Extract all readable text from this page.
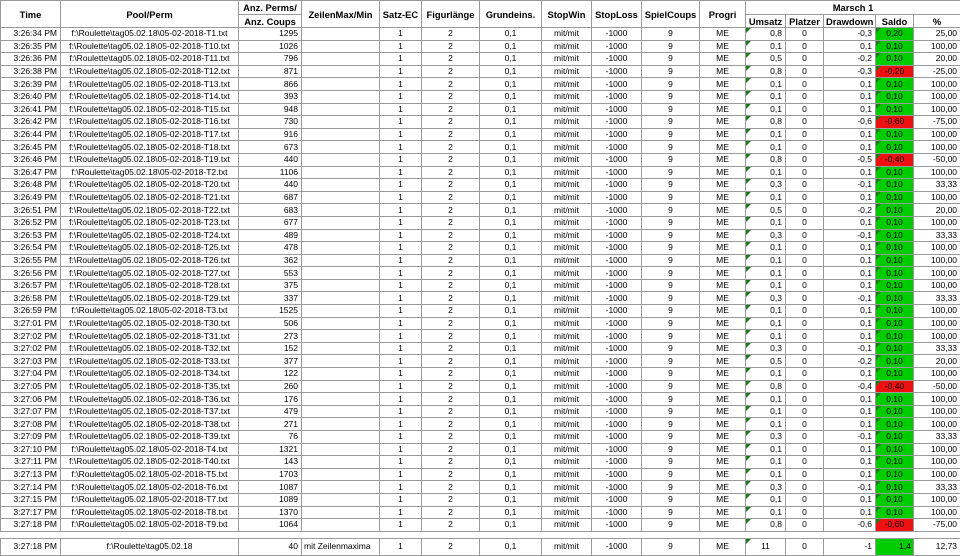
Time	Pool/Perm	Anz. Perms/	ZeilenMax/Min	Satz-EC	Figurlänge	Grundeins.	StopWin	StopLoss	SpielCoups	Progri	Marsch 1				
		Anz. Coups									Umsatz	Platzer	Drawdown	Saldo	%
3:26:34 PM	f:\Roulette\tag05.02.18\05-02-2018-T1.txt	1295		1	2	0,1	mit/mit	-1000	9	ME	0,8	0	-0,3	0,20	25,00
3:26:35 PM	f:\Roulette\tag05.02.18\05-02-2018-T10.txt	1026		1	2	0,1	mit/mit	-1000	9	ME	0,1	0	0,1	0,10	100,00
3:26:36 PM	f:\Roulette\tag05.02.18\05-02-2018-T11.txt	796		1	2	0,1	mit/mit	-1000	9	ME	0,5	0	-0,2	0,10	20,00
3:26:38 PM	f:\Roulette\tag05.02.18\05-02-2018-T12.txt	871		1	2	0,1	mit/mit	-1000	9	ME	0,8	0	-0,3	-0,20	-25,00
3:26:39 PM	f:\Roulette\tag05.02.18\05-02-2018-T13.txt	866		1	2	0,1	mit/mit	-1000	9	ME	0,1	0	0,1	0,10	100,00
3:26:40 PM	f:\Roulette\tag05.02.18\05-02-2018-T14.txt	393		1	2	0,1	mit/mit	-1000	9	ME	0,1	0	0,1	0,10	100,00
3:26:41 PM	f:\Roulette\tag05.02.18\05-02-2018-T15.txt	948		1	2	0,1	mit/mit	-1000	9	ME	0,1	0	0,1	0,10	100,00
3:26:42 PM	f:\Roulette\tag05.02.18\05-02-2018-T16.txt	730		1	2	0,1	mit/mit	-1000	9	ME	0,8	0	-0,6	-0,60	-75,00
3:26:44 PM	f:\Roulette\tag05.02.18\05-02-2018-T17.txt	916		1	2	0,1	mit/mit	-1000	9	ME	0,1	0	0,1	0,10	100,00
3:26:45 PM	f:\Roulette\tag05.02.18\05-02-2018-T18.txt	673		1	2	0,1	mit/mit	-1000	9	ME	0,1	0	0,1	0,10	100,00
3:26:46 PM	f:\Roulette\tag05.02.18\05-02-2018-T19.txt	440		1	2	0,1	mit/mit	-1000	9	ME	0,8	0	-0,5	-0,40	-50,00
3:26:47 PM	f:\Roulette\tag05.02.18\05-02-2018-T2.txt	1106		1	2	0,1	mit/mit	-1000	9	ME	0,1	0	0,1	0,10	100,00
3:26:48 PM	f:\Roulette\tag05.02.18\05-02-2018-T20.txt	440		1	2	0,1	mit/mit	-1000	9	ME	0,3	0	-0,1	0,10	33,33
3:26:49 PM	f:\Roulette\tag05.02.18\05-02-2018-T21.txt	687		1	2	0,1	mit/mit	-1000	9	ME	0,1	0	0,1	0,10	100,00
3:26:51 PM	f:\Roulette\tag05.02.18\05-02-2018-T22.txt	683		1	2	0,1	mit/mit	-1000	9	ME	0,5	0	-0,2	0,10	20,00
3:26:52 PM	f:\Roulette\tag05.02.18\05-02-2018-T23.txt	677		1	2	0,1	mit/mit	-1000	9	ME	0,1	0	0,1	0,10	100,00
3:26:53 PM	f:\Roulette\tag05.02.18\05-02-2018-T24.txt	489		1	2	0,1	mit/mit	-1000	9	ME	0,3	0	-0,1	0,10	33,33
3:26:54 PM	f:\Roulette\tag05.02.18\05-02-2018-T25.txt	478		1	2	0,1	mit/mit	-1000	9	ME	0,1	0	0,1	0,10	100,00
3:26:55 PM	f:\Roulette\tag05.02.18\05-02-2018-T26.txt	362		1	2	0,1	mit/mit	-1000	9	ME	0,1	0	0,1	0,10	100,00
3:26:56 PM	f:\Roulette\tag05.02.18\05-02-2018-T27.txt	553		1	2	0,1	mit/mit	-1000	9	ME	0,1	0	0,1	0,10	100,00
3:26:57 PM	f:\Roulette\tag05.02.18\05-02-2018-T28.txt	375		1	2	0,1	mit/mit	-1000	9	ME	0,1	0	0,1	0,10	100,00
3:26:58 PM	f:\Roulette\tag05.02.18\05-02-2018-T29.txt	337		1	2	0,1	mit/mit	-1000	9	ME	0,3	0	-0,1	0,10	33,33
3:26:59 PM	f:\Roulette\tag05.02.18\05-02-2018-T3.txt	1525		1	2	0,1	mit/mit	-1000	9	ME	0,1	0	0,1	0,10	100,00
3:27:01 PM	f:\Roulette\tag05.02.18\05-02-2018-T30.txt	506		1	2	0,1	mit/mit	-1000	9	ME	0,1	0	0,1	0,10	100,00
3:27:02 PM	f:\Roulette\tag05.02.18\05-02-2018-T31.txt	273		1	2	0,1	mit/mit	-1000	9	ME	0,1	0	0,1	0,10	100,00
3:27:02 PM	f:\Roulette\tag05.02.18\05-02-2018-T32.txt	152		1	2	0,1	mit/mit	-1000	9	ME	0,3	0	-0,1	0,10	33,33
3:27:03 PM	f:\Roulette\tag05.02.18\05-02-2018-T33.txt	377		1	2	0,1	mit/mit	-1000	9	ME	0,5	0	-0,2	0,10	20,00
3:27:04 PM	f:\Roulette\tag05.02.18\05-02-2018-T34.txt	122		1	2	0,1	mit/mit	-1000	9	ME	0,1	0	0,1	0,10	100,00
3:27:05 PM	f:\Roulette\tag05.02.18\05-02-2018-T35.txt	260		1	2	0,1	mit/mit	-1000	9	ME	0,8	0	-0,4	-0,40	-50,00
3:27:06 PM	f:\Roulette\tag05.02.18\05-02-2018-T36.txt	176		1	2	0,1	mit/mit	-1000	9	ME	0,1	0	0,1	0,10	100,00
3:27:07 PM	f:\Roulette\tag05.02.18\05-02-2018-T37.txt	479		1	2	0,1	mit/mit	-1000	9	ME	0,1	0	0,1	0,10	100,00
3:27:08 PM	f:\Roulette\tag05.02.18\05-02-2018-T38.txt	271		1	2	0,1	mit/mit	-1000	9	ME	0,1	0	0,1	0,10	100,00
3:27:09 PM	f:\Roulette\tag05.02.18\05-02-2018-T39.txt	76		1	2	0,1	mit/mit	-1000	9	ME	0,3	0	-0,1	0,10	33,33
3:27:10 PM	f:\Roulette\tag05.02.18\05-02-2018-T4.txt	1321		1	2	0,1	mit/mit	-1000	9	ME	0,1	0	0,1	0,10	100,00
3:27:11 PM	f:\Roulette\tag05.02.18\05-02-2018-T40.txt	143		1	2	0,1	mit/mit	-1000	9	ME	0,1	0	0,1	0,10	100,00
3:27:13 PM	f:\Roulette\tag05.02.18\05-02-2018-T5.txt	1703		1	2	0,1	mit/mit	-1000	9	ME	0,1	0	0,1	0,10	100,00
3:27:14 PM	f:\Roulette\tag05.02.18\05-02-2018-T6.txt	1087		1	2	0,1	mit/mit	-1000	9	ME	0,3	0	-0,1	0,10	33,33
3:27:15 PM	f:\Roulette\tag05.02.18\05-02-2018-T7.txt	1089		1	2	0,1	mit/mit	-1000	9	ME	0,1	0	0,1	0,10	100,00
3:27:17 PM	f:\Roulette\tag05.02.18\05-02-2018-T8.txt	1370		1	2	0,1	mit/mit	-1000	9	ME	0,1	0	0,1	0,10	100,00
3:27:18 PM	f:\Roulette\tag05.02.18\05-02-2018-T9.txt	1064		1	2	0,1	mit/mit	-1000	9	ME	0,8	0	-0,6	-0,60	-75,00

3:27:18 PM	f:\Roulette\tag05.02.18	40	mit Zeilenmaxima	1	2	0,1	mit/mit	-1000	9	ME	11	0	-1	1,4	12,73
